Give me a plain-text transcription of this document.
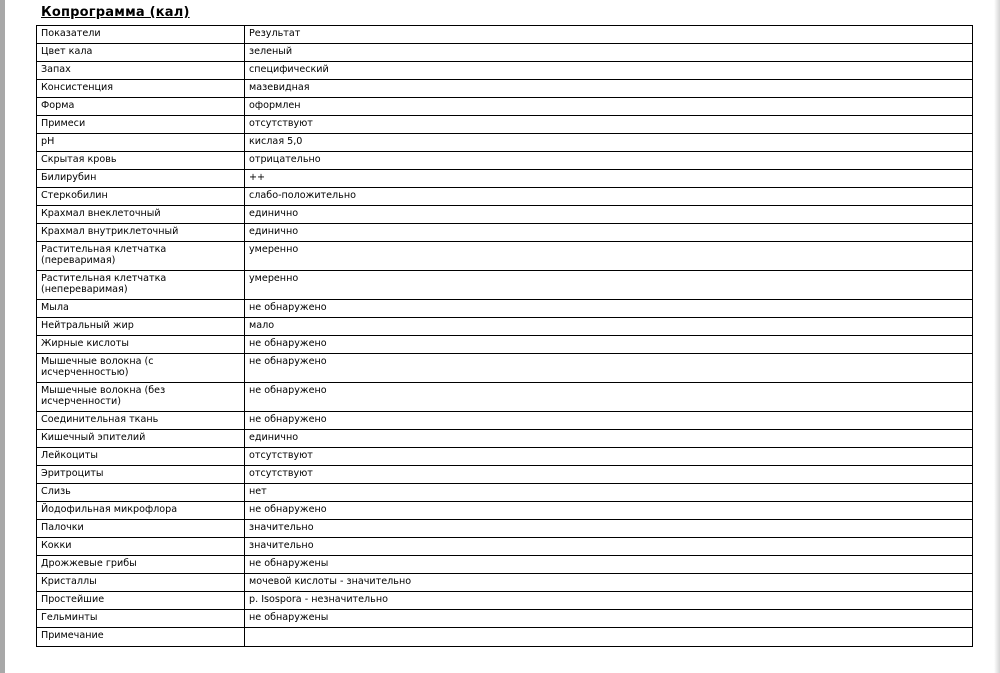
Копрограмма (кал)
Показатели	Результат
Цвет кала	зеленый
Запах	специфический
Консистенция	мазевидная
Форма	оформлен
Примеси	отсутствуют
pH	кислая 5,0
Скрытая кровь	отрицательно
Билирубин	++
Стеркобилин	слабо-положительно
Крахмал внеклеточный	единично
Крахмал внутриклеточный	единично
Растительная клетчатка (переваримая)	умеренно
Растительная клетчатка (непереваримая)	умеренно
Мыла	не обнаружено
Нейтральный жир	мало
Жирные кислоты	не обнаружено
Мышечные волокна (с исчерченностью)	не обнаружено
Мышечные волокна (без исчерченности)	не обнаружено
Соединительная ткань	не обнаружено
Кишечный эпителий	единично
Лейкоциты	отсутствуют
Эритроциты	отсутствуют
Слизь	нет
Йодофильная микрофлора	не обнаружено
Палочки	значительно
Кокки	значительно
Дрожжевые грибы	не обнаружены
Кристаллы	мочевой кислоты - значительно
Простейшие	p. Isospora - незначительно
Гельминты	не обнаружены
Примечание	
